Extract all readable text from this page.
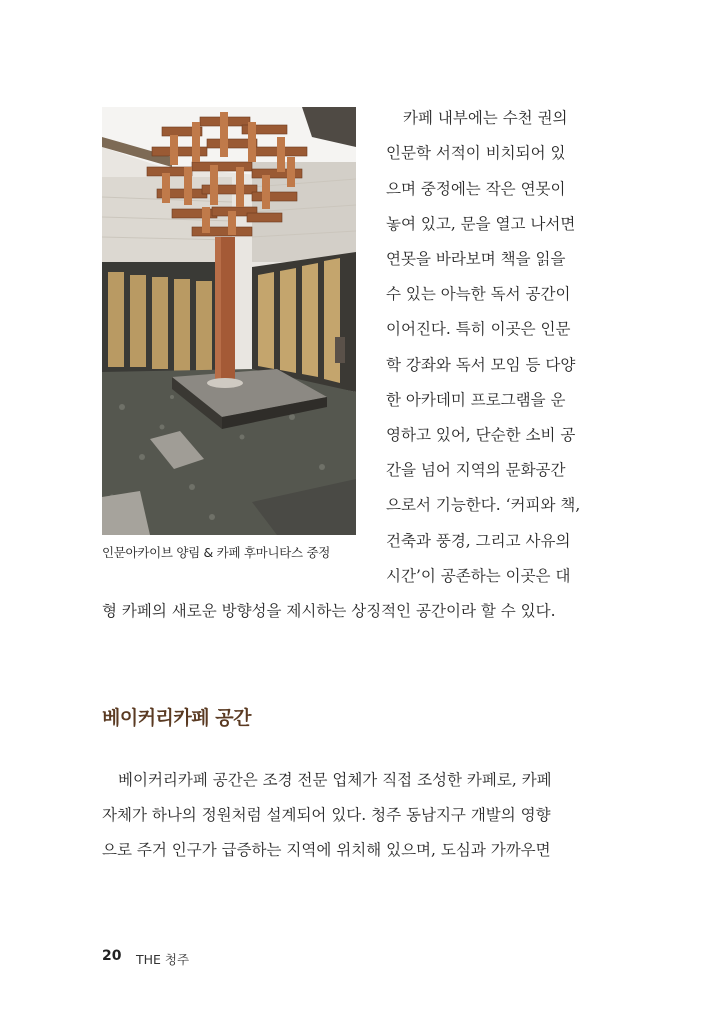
인문아카이브 양림 & 카페 후마니타스 중정
카페 내부에는 수천 권의
인문학 서적이 비치되어 있
으며 중정에는 작은 연못이
놓여 있고, 문을 열고 나서면
연못을 바라보며 책을 읽을
수 있는 아늑한 독서 공간이
이어진다. 특히 이곳은 인문
학 강좌와 독서 모임 등 다양
한 아카데미 프로그램을 운
영하고 있어, 단순한 소비 공
간을 넘어 지역의 문화공간
으로서 기능한다. ‘커피와 책,
건축과 풍경, 그리고 사유의
시간’이 공존하는 이곳은 대
형 카페의 새로운 방향성을 제시하는 상징적인 공간이라 할 수 있다.
베이커리카페 공간
베이커리카페 공간은 조경 전문 업체가 직접 조성한 카페로, 카페
자체가 하나의 정원처럼 설계되어 있다. 청주 동남지구 개발의 영향
으로 주거 인구가 급증하는 지역에 위치해 있으며, 도심과 가까우면
20 THE 청주
